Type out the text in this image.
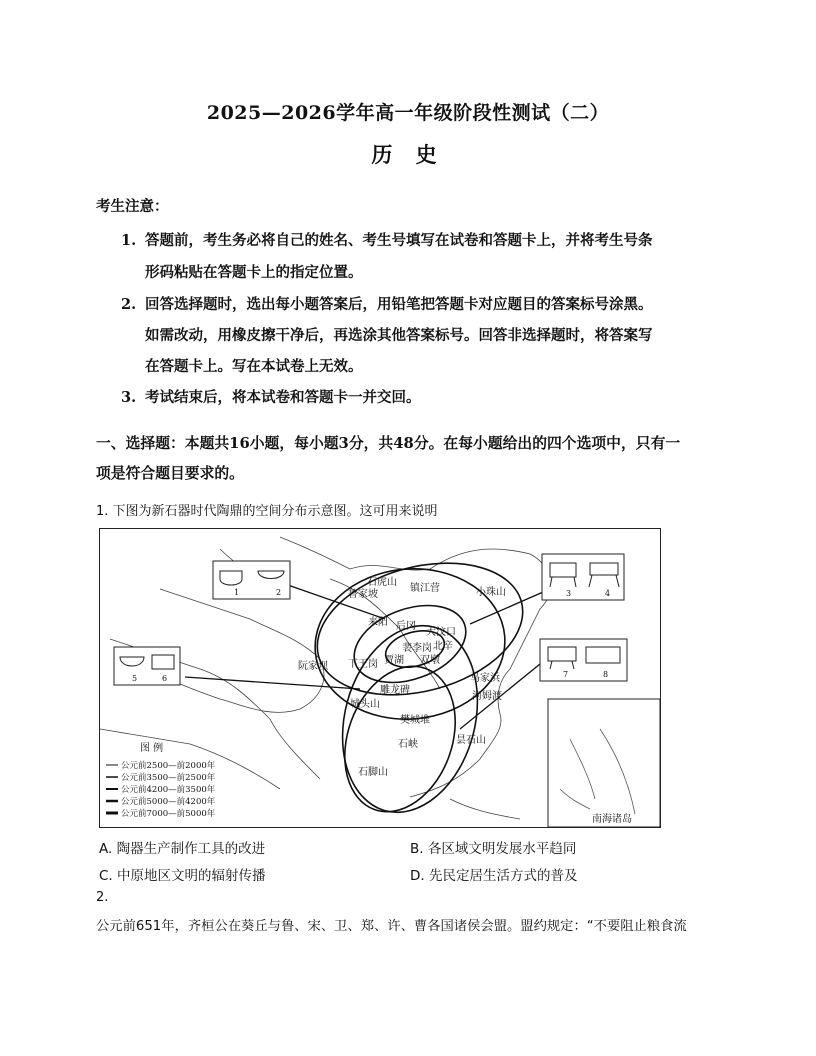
2025—2026学年高一年级阶段性测试（二）
历 史
考生注意：
1. 答题前，考生务必将自己的姓名、考生号填写在试卷和答题卡上，并将考生号条
形码粘贴在答题卡上的指定位置。
2. 回答选择题时，选出每小题答案后，用铅笔把答题卡对应题目的答案标号涂黑。
如需改动，用橡皮擦干净后，再选涂其他答案标号。回答非选择题时，将答案写
在答题卡上。写在本试卷上无效。
3. 考试结束后，将本试卷和答题卡一并交回。
一、选择题：本题共16小题，每小题3分，共48分。在每小题给出的四个选项中，只有一
项是符合题目要求的。
1. 下图为新石器时代陶鼎的空间分布示意图。这可用来说明
南海诸岛
1	2	3	4
5	6	7	8
石虎山
镇江营	小珠山
鲁家坡
来阳 后冈
大汶口
北辛
裴李岗
贾湖 双墩
下王岗
阮家坝
雕龙碑
马家浜
河姆渡
城头山
樊城堆
石峡	昙石山
石脚山
图 例
公元前2500—前2000年
公元前3500—前2500年
公元前4200—前3500年
公元前5000—前4200年
公元前7000—前5000年
A. 陶器生产制作工具的改进	B. 各区域文明发展水平趋同
C. 中原地区文明的辐射传播	D. 先民定居生活方式的普及
2.
公元前651年，齐桓公在葵丘与鲁、宋、卫、郑、许、曹各国诸侯会盟。盟约规定：“不要阻止粮食流
